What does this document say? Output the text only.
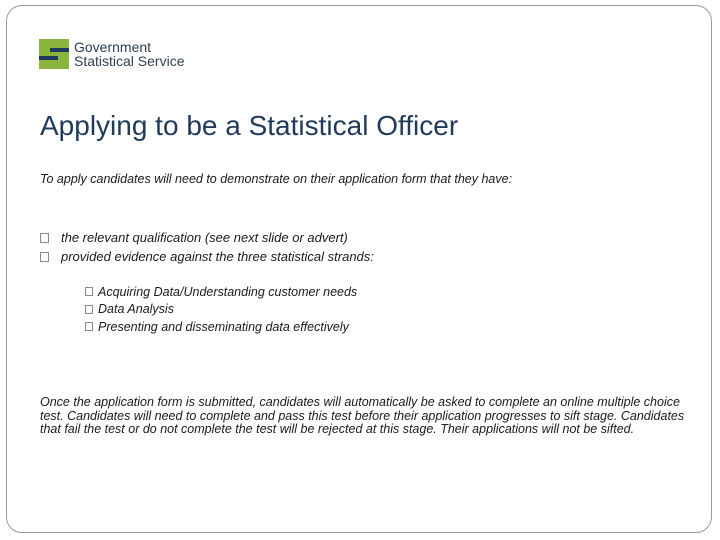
Government
Statistical Service
Applying to be a Statistical Officer

To apply candidates will need to demonstrate on their application form that they have:

the relevant qualification (see next slide or advert)
provided evidence against the three statistical strands:
Acquiring Data/Understanding customer needs
Data Analysis
Presenting and disseminating data effectively

Once the application form is submitted, candidates will automatically be asked to complete an online multiple choice test. Candidates will need to complete and pass this test before their application progresses to sift stage. Candidates that fail the test or do not complete the test will be rejected at this stage. Their applications will not be sifted.
